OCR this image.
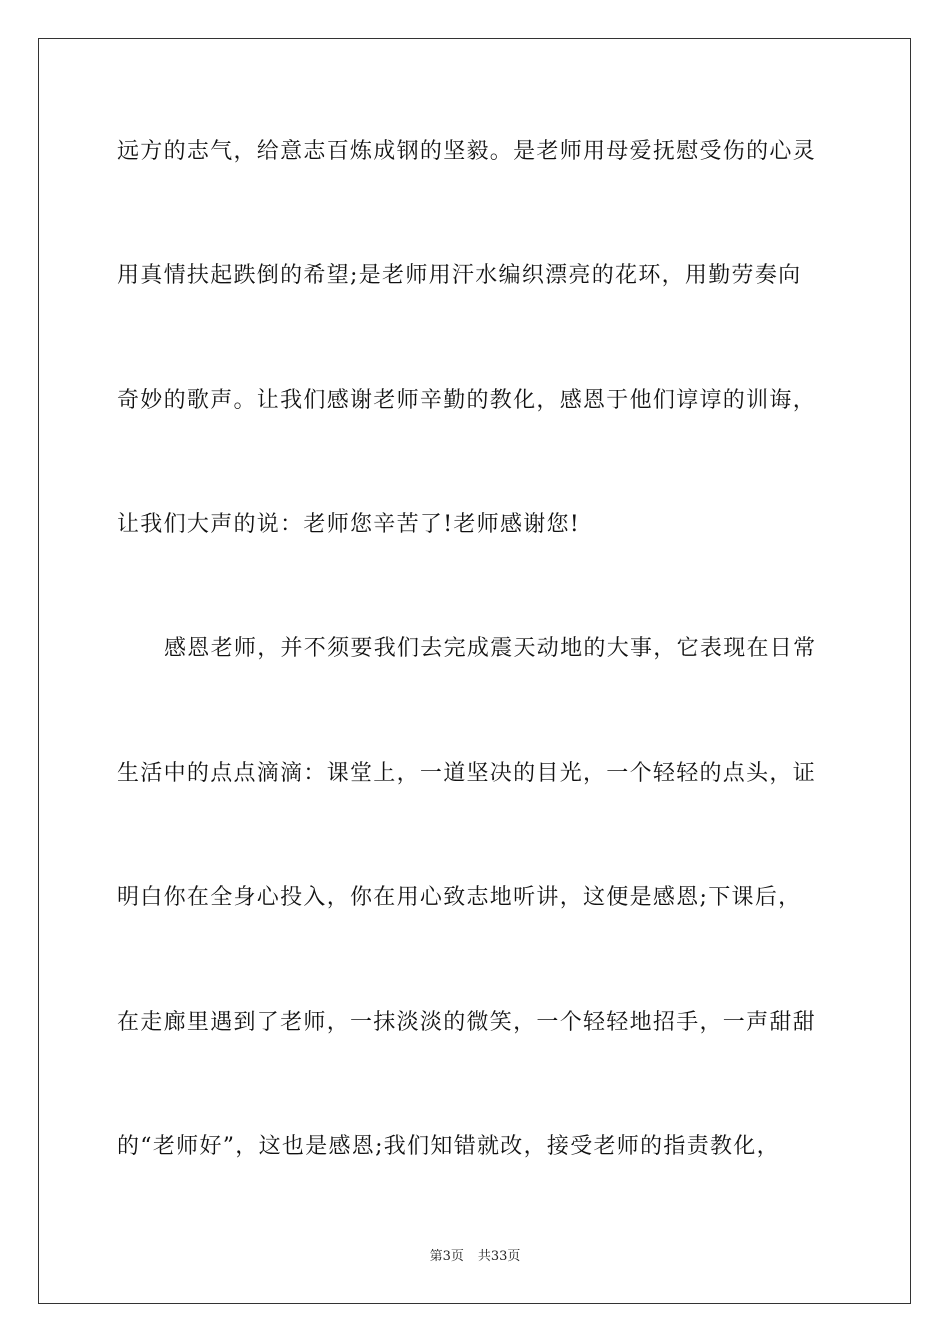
远方的志气，给意志百炼成钢的坚毅。是老师用母爱抚慰受伤的心灵
用真情扶起跌倒的希望;是老师用汗水编织漂亮的花环，用勤劳奏向
奇妙的歌声。让我们感谢老师辛勤的教化，感恩于他们谆谆的训诲，
让我们大声的说：老师您辛苦了!老师感谢您!
感恩老师，并不须要我们去完成震天动地的大事，它表现在日常
生活中的点点滴滴：课堂上，一道坚决的目光，一个轻轻的点头，证
明白你在全身心投入，你在用心致志地听讲，这便是感恩;下课后，
在走廊里遇到了老师，一抹淡淡的微笑，一个轻轻地招手，一声甜甜
的“老师好”，这也是感恩;我们知错就改，接受老师的指责教化，
第3页 共33页
